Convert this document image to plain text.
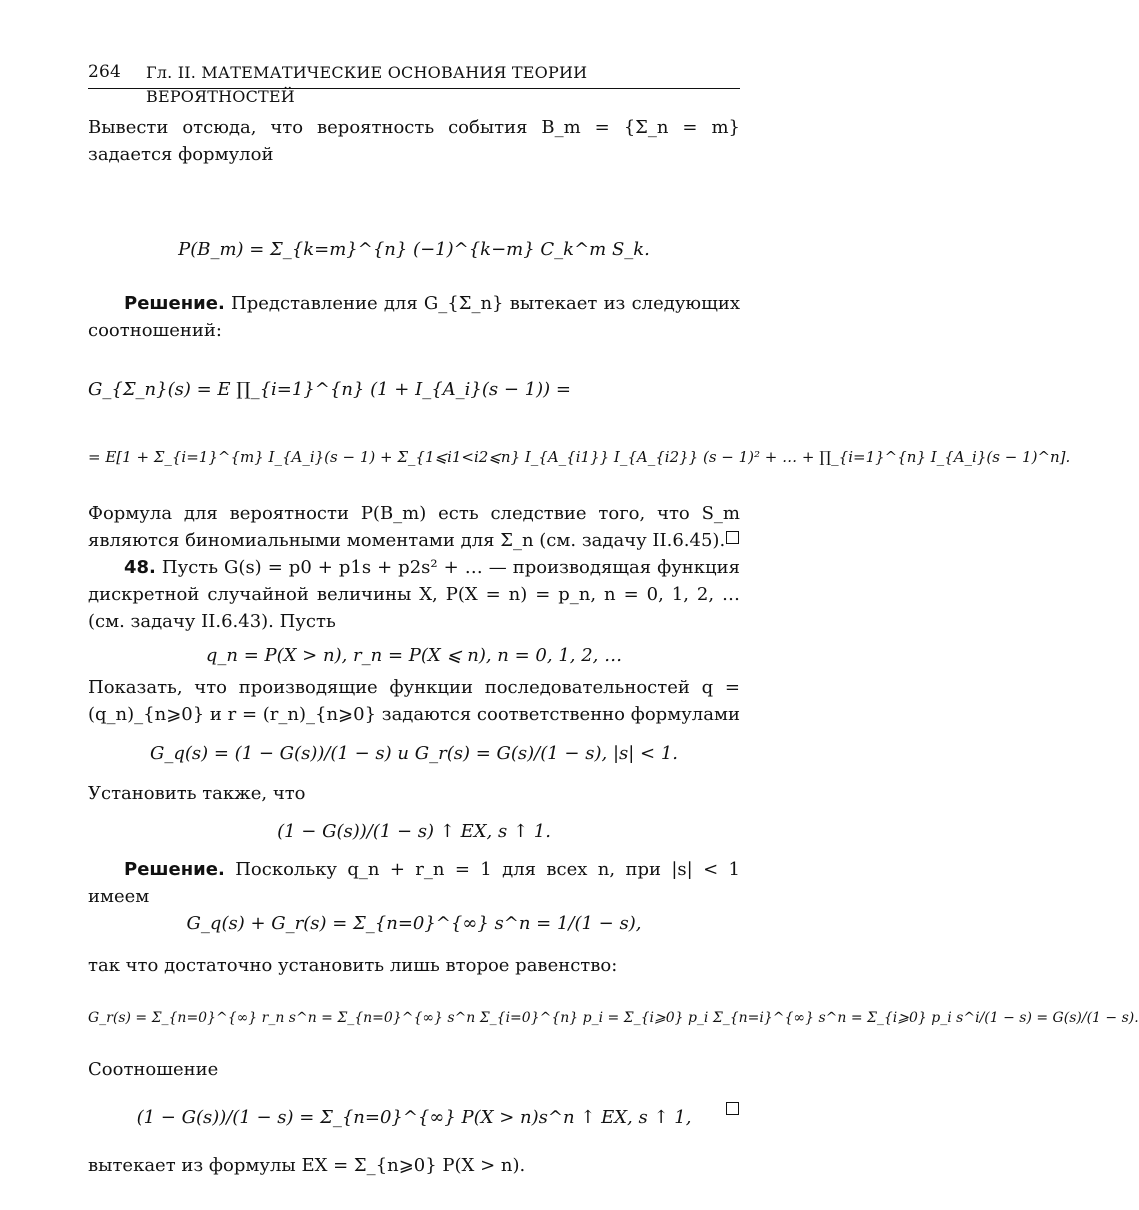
264 Гл. II. МАТЕМАТИЧЕСКИЕ ОСНОВАНИЯ ТЕОРИИ ВЕРОЯТНОСТЕЙ

Вывести отсюда, что вероятность события B_m = {Σ_n = m} задается формулой

P(B_m) = Σ_{k=m}^{n} (−1)^{k−m} C_k^m S_k.

Решение. Представление для G_{Σ_n} вытекает из следующих соотношений:

G_{Σ_n}(s) = E ∏_{i=1}^{n} (1 + I_{A_i}(s − 1)) =
= E[1 + Σ_{i=1}^{m} I_{A_i}(s − 1) + Σ_{1⩽i1<i2⩽n} I_{A_{i1}} I_{A_{i2}} (s − 1)² + … + ∏_{i=1}^{n} I_{A_i}(s − 1)^n].

Формула для вероятности P(B_m) есть следствие того, что S_m являются биномиальными моментами для Σ_n (см. задачу II.6.45).

48. Пусть G(s) = p0 + p1s + p2s² + … — производящая функция дискретной случайной величины X, P(X = n) = p_n, n = 0, 1, 2, … (см. задачу II.6.43). Пусть

q_n = P(X > n), r_n = P(X ⩽ n), n = 0, 1, 2, …

Показать, что производящие функции последовательностей q = (q_n)_{n⩾0} и r = (r_n)_{n⩾0} задаются соответственно формулами

G_q(s) = (1 − G(s))/(1 − s) и G_r(s) = G(s)/(1 − s), |s| < 1.

Установить также, что

(1 − G(s))/(1 − s) ↑ EX, s ↑ 1.

Решение. Поскольку q_n + r_n = 1 для всех n, при |s| < 1 имеем

G_q(s) + G_r(s) = Σ_{n=0}^{∞} s^n = 1/(1 − s),

так что достаточно установить лишь второе равенство:

G_r(s) = Σ_{n=0}^{∞} r_n s^n = Σ_{n=0}^{∞} s^n Σ_{i=0}^{n} p_i = Σ_{i⩾0} p_i Σ_{n=i}^{∞} s^n = Σ_{i⩾0} p_i s^i/(1 − s) = G(s)/(1 − s).

Соотношение

(1 − G(s))/(1 − s) = Σ_{n=0}^{∞} P(X > n)s^n ↑ EX, s ↑ 1,

вытекает из формулы EX = Σ_{n⩾0} P(X > n).
